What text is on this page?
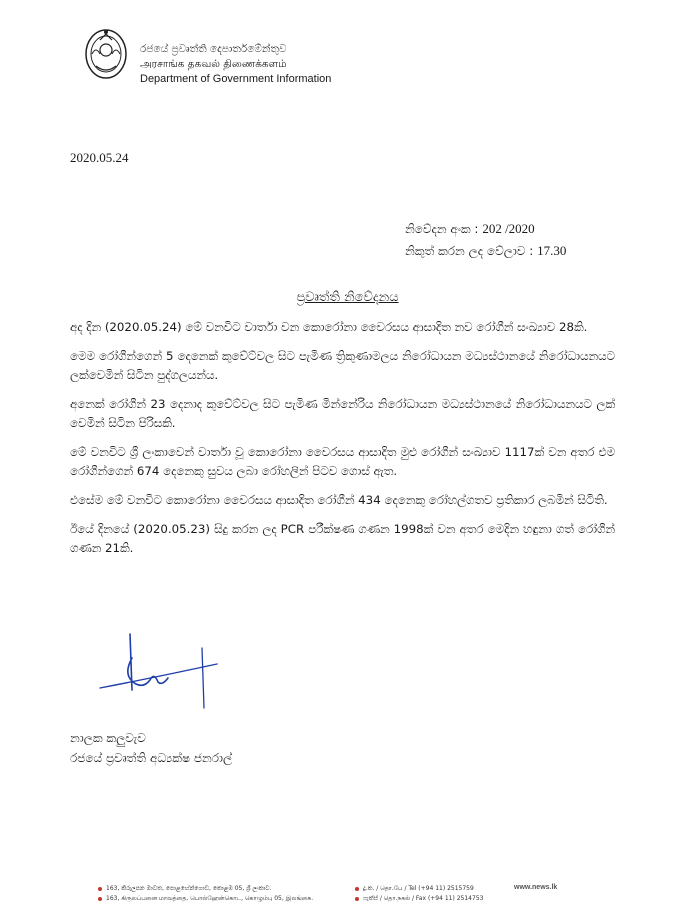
රජයේ ප්‍රවෘත්ති දෙපාර්තමේන්තුව
அரசாங்க தகவல் திணைக்களம்
Department of Government Information
2020.05.24
නිවේදන අංක : 202 /2020
නිකුත් කරන ලද වේලාව : 17.30
ප්‍රවෘත්ති නිවේදනය

අද දින (2020.05.24) මේ වනවිට වාර්තා වන කොරෝනා වෛරසය ආසාදිත නව රෝගීන් සංඛ්‍යාව 28කි.

මෙම රෝගීන්ගෙන් 5 දෙනෙක් කුවේට්වල සිට පැමිණ ත්‍රිකුණාමලය නිරෝධායන මධ්‍යස්ථානයේ නිරෝධායනයට ලක්වෙමින් සිටින පුද්ගලයන්ය.

අනෙක් රෝගීන් 23 දෙනාද කුවේට්වල සිට පැමිණ මින්නේරිය නිරෝධායන මධ්‍යස්ථානයේ නිරෝධායනයට ලක් වෙමින් සිටින පිරිසකි.

මේ වනවිට ශ්‍රී ලංකාවෙන් වාර්තා වූ කොරෝනා වෛරසය ආසාදිත මුළු රෝගීන් සංඛ්‍යාව 1117ක් වන අතර එම රෝගීන්ගෙන් 674 දෙනෙකු සුවය ලබා රෝහලින් පිටව ගොස් ඇත.

එසේම මේ වනවිට කොරෝනා වෛරසය ආසාදිත රෝගීන් 434 දෙනෙකු රෝහල්ගතව ප්‍රතිකාර ලබමින් සිටිති.

ඊයේ දිනයේ (2020.05.23) සිදු කරන ලද PCR පරීක්ෂණ ගණන 1998ක් වන අතර මෙදින හඳුනා ගත් රෝගීන් ගණන 21කි.

නාලක කලුවැව
රජයේ ප්‍රවෘත්ති අධ්‍යක්ෂ ජනරාල්
163, කිරුලපන මාවත, පොළහේන්ගොඩ, කොළඹ 05, ශ්‍රී ලංකාව.
163, கிருலப்பனை மாவத்தை, பொல்ஹேன்கொட, கொழும்பு 05, இலங்கை.
දු.ක. / தொ.பே / Tel (+94 11) 2515759
ෆැක්ස් / தொ.நகல் / Fax (+94 11) 2514753
www.news.lk
